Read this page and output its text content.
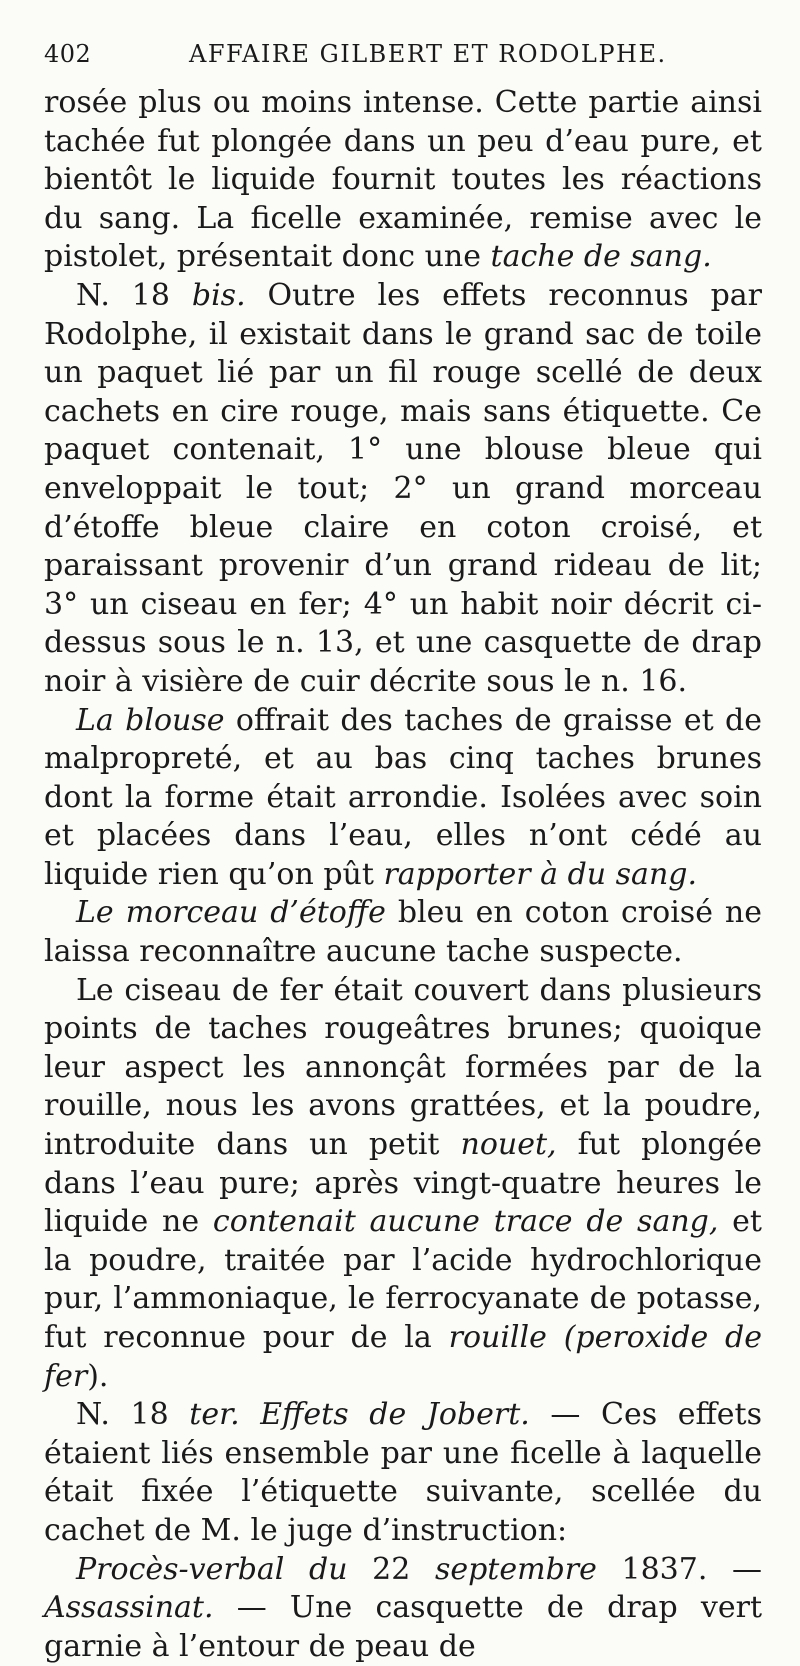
402	AFFAIRE GILBERT ET RODOLPHE.

rosée plus ou moins intense. Cette partie ainsi tachée fut plongée dans un peu d’eau pure, et bientôt le liquide fournit toutes les réactions du sang. La ficelle examinée, remise avec le pistolet, présentait donc une tache de sang.

N. 18 bis. Outre les effets reconnus par Rodolphe, il existait dans le grand sac de toile un paquet lié par un fil rouge scellé de deux cachets en cire rouge, mais sans étiquette. Ce paquet contenait, 1° une blouse bleue qui enveloppait le tout; 2° un grand morceau d’étoffe bleue claire en coton croisé, et paraissant provenir d’un grand rideau de lit; 3° un ciseau en fer; 4° un habit noir décrit ci-dessus sous le n. 13, et une casquette de drap noir à visière de cuir décrite sous le n. 16.

La blouse offrait des taches de graisse et de malpropreté, et au bas cinq taches brunes dont la forme était arrondie. Isolées avec soin et placées dans l’eau, elles n’ont cédé au liquide rien qu’on pût rapporter à du sang.

Le morceau d’étoffe bleu en coton croisé ne laissa reconnaître aucune tache suspecte.

Le ciseau de fer était couvert dans plusieurs points de taches rougeâtres brunes; quoique leur aspect les annonçât formées par de la rouille, nous les avons grattées, et la poudre, introduite dans un petit nouet, fut plongée dans l’eau pure; après vingt-quatre heures le liquide ne contenait aucune trace de sang, et la poudre, traitée par l’acide hydrochlorique pur, l’ammoniaque, le ferrocyanate de potasse, fut reconnue pour de la rouille (peroxide de fer).

N. 18 ter. Effets de Jobert. — Ces effets étaient liés ensemble par une ficelle à laquelle était fixée l’étiquette suivante, scellée du cachet de M. le juge d’instruction:

Procès-verbal du 22 septembre 1837. — Assassinat. — Une casquette de drap vert garnie à l’entour de peau de
